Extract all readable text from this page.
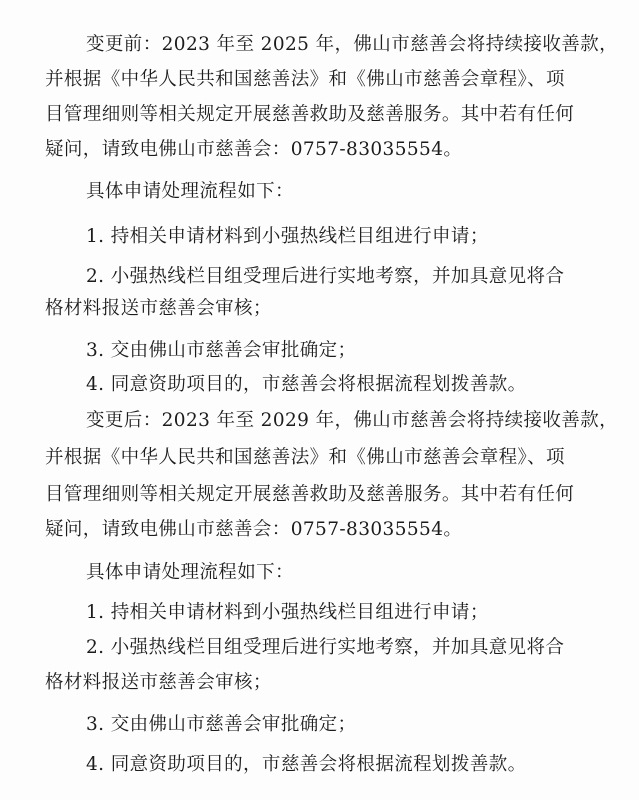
变更前：2023 年至 2025 年，佛山市慈善会将持续接收善款，
并根据《中华人民共和国慈善法》和《佛山市慈善会章程》、项
目管理细则等相关规定开展慈善救助及慈善服务。其中若有任何
疑问，请致电佛山市慈善会：0757-83035554。
具体申请处理流程如下：
1. 持相关申请材料到小强热线栏目组进行申请；
2. 小强热线栏目组受理后进行实地考察，并加具意见将合
格材料报送市慈善会审核；
3. 交由佛山市慈善会审批确定；
4. 同意资助项目的，市慈善会将根据流程划拨善款。
变更后：2023 年至 2029 年，佛山市慈善会将持续接收善款，
并根据《中华人民共和国慈善法》和《佛山市慈善会章程》、项
目管理细则等相关规定开展慈善救助及慈善服务。其中若有任何
疑问，请致电佛山市慈善会：0757-83035554。
具体申请处理流程如下：
1. 持相关申请材料到小强热线栏目组进行申请；
2. 小强热线栏目组受理后进行实地考察，并加具意见将合
格材料报送市慈善会审核；
3. 交由佛山市慈善会审批确定；
4. 同意资助项目的，市慈善会将根据流程划拨善款。
